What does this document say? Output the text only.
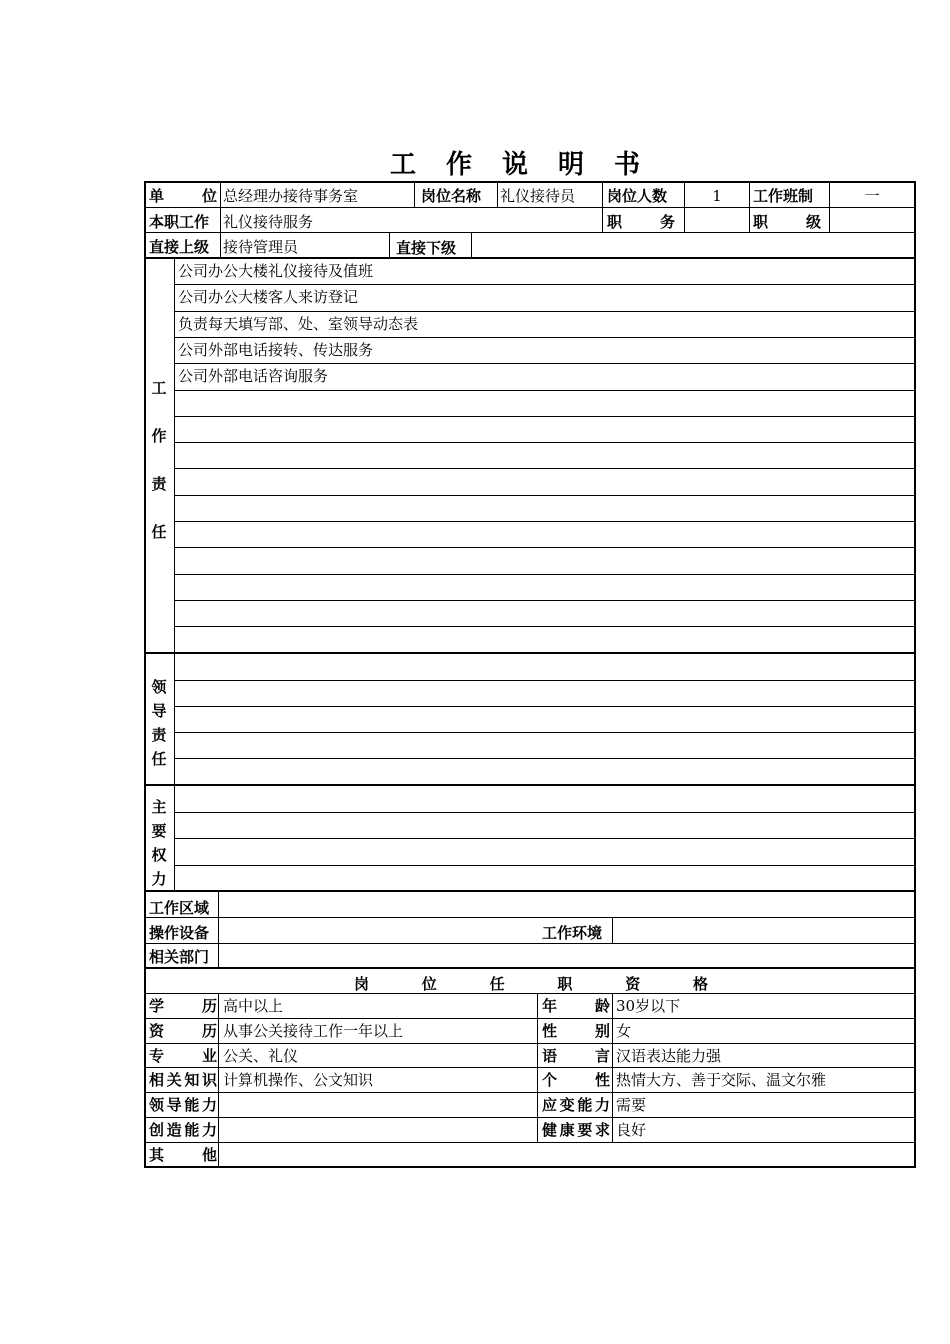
工作说明书
单	位 总经理办接待事务室	岗位名称 礼仪接待员 岗位人数	1	工作班制	一
本职工作 礼仪接待服务	职	务	职	级
直接上级 接待管理员	直接下级
公司办公大楼礼仪接待及值班
公司办公大楼客人来访登记
负责每天填写部、处、室领导动态表
公司外部电话接转、传达服务
公司外部电话咨询服务
工
作
责
任
领
导
责
任
主
要
权
力
工作区域
操作设备	工作环境
相关部门
岗	位	任	职	资	格
学	历 高中以上	年	龄 30岁以下
资	历 从事公关接待工作一年以上	性	别 女
专	业 公关、礼仪	语	言 汉语表达能力强
相 关 知 识 计算机操作、公文知识	个	性 热情大方、善于交际、温文尔雅
领 导 能 力	应 变 能 力 需要
创 造 能 力	健 康 要 求 良好
其	他
